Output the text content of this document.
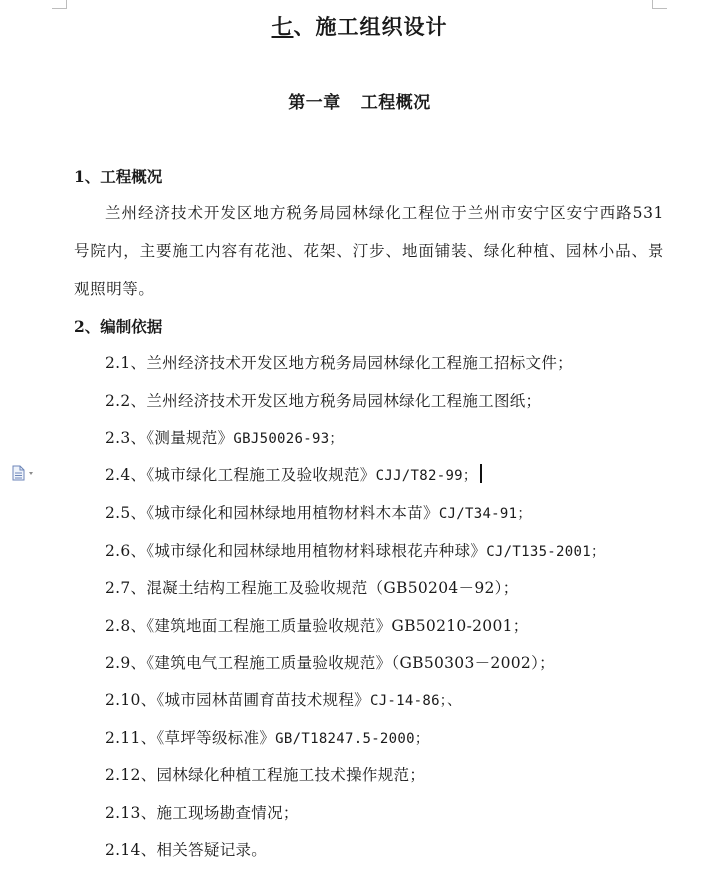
七、施工组织设计
第一章 工程概况
1、工程概况
兰州经济技术开发区地方税务局园林绿化工程位于兰州市安宁区安宁西路531号院内，主要施工内容有花池、花架、汀步、地面铺装、绿化种植、园林小品、景观照明等。
2、编制依据
2.1、兰州经济技术开发区地方税务局园林绿化工程施工招标文件；
2.2、兰州经济技术开发区地方税务局园林绿化工程施工图纸；
2.3、《测量规范》GBJ50026-93；
2.4、《城市绿化工程施工及验收规范》CJJ/T82-99；
2.5、《城市绿化和园林绿地用植物材料木本苗》CJ/T34-91；
2.6、《城市绿化和园林绿地用植物材料球根花卉种球》CJ/T135-2001；
2.7、混凝土结构工程施工及验收规范（GB50204－92）；
2.8、《建筑地面工程施工质量验收规范》GB50210-2001；
2.9、《建筑电气工程施工质量验收规范》（GB50303－2002）；
2.10、《城市园林苗圃育苗技术规程》CJ-14-86；、
2.11、《草坪等级标准》GB/T18247.5-2000；
2.12、园林绿化种植工程施工技术操作规范；
2.13、施工现场勘查情况；
2.14、相关答疑记录。
